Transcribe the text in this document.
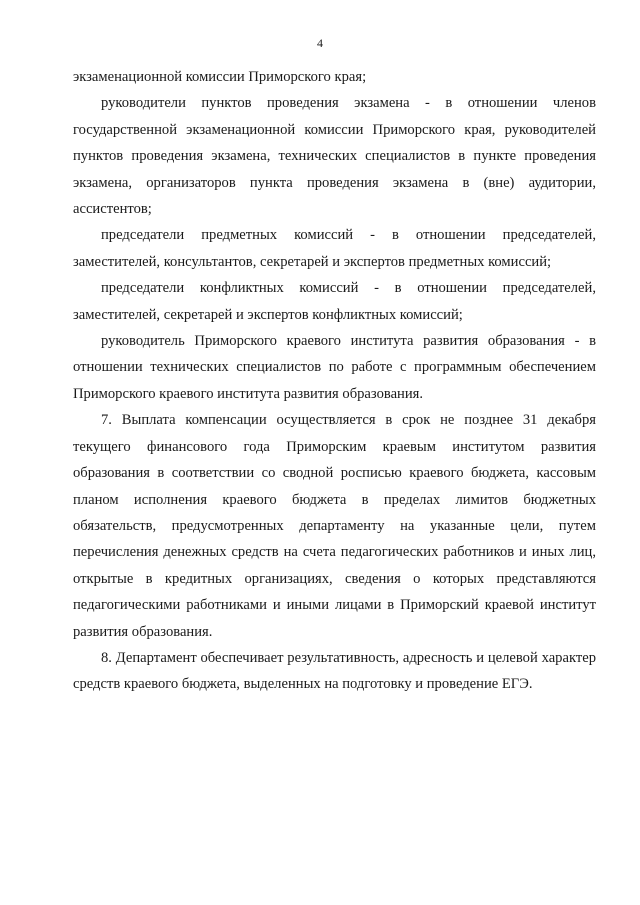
4

экзаменационной комиссии Приморского края;

руководители пунктов проведения экзамена - в отношении членов государственной экзаменационной комиссии Приморского края, руководителей пунктов проведения экзамена, технических специалистов в пункте проведения экзамена, организаторов пункта проведения экзамена в (вне) аудитории, ассистентов;

председатели предметных комиссий - в отношении председателей, заместителей, консультантов, секретарей и экспертов предметных комиссий;

председатели конфликтных комиссий - в отношении председателей, заместителей, секретарей и экспертов конфликтных комиссий;

руководитель Приморского краевого института развития образования - в отношении технических специалистов по работе с программным обеспечением Приморского краевого института развития образования.

7. Выплата компенсации осуществляется в срок не позднее 31 декабря текущего финансового года Приморским краевым институтом развития образования в соответствии со сводной росписью краевого бюджета, кассовым планом исполнения краевого бюджета в пределах лимитов бюджетных обязательств, предусмотренных департаменту на указанные цели, путем перечисления денежных средств на счета педагогических работников и иных лиц, открытые в кредитных организациях, сведения о которых представляются педагогическими работниками и иными лицами в Приморский краевой институт развития образования.

8. Департамент обеспечивает результативность, адресность и целевой характер средств краевого бюджета, выделенных на подготовку и проведение ЕГЭ.
